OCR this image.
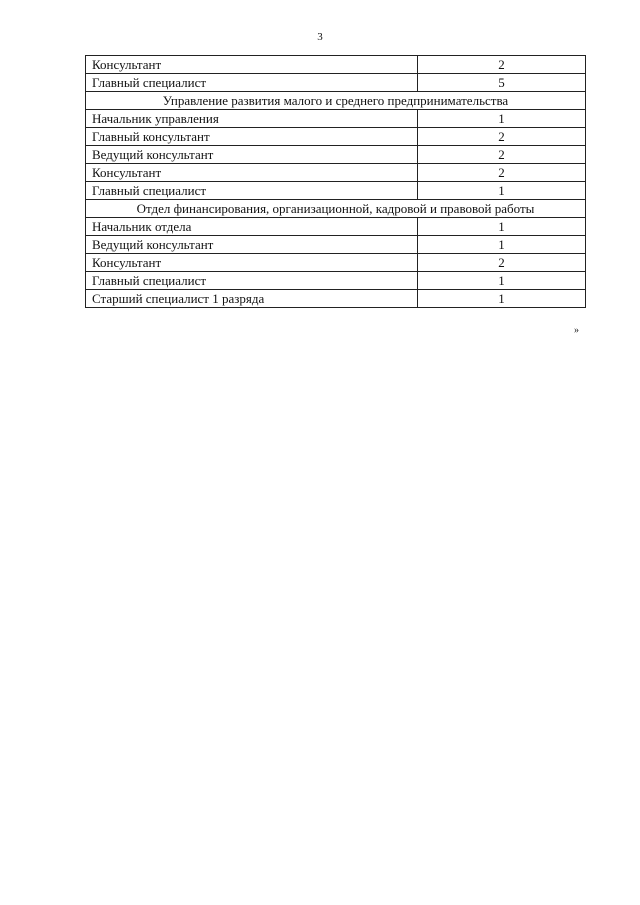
3
Консультант	2
Главный специалист	5
Управление развития малого и среднего предпринимательства	
Начальник управления	1
Главный консультант	2
Ведущий консультант	2
Консультант	2
Главный специалист	1
Отдел финансирования, организационной, кадровой и правовой работы	
Начальник отдела	1
Ведущий консультант	1
Консультант	2
Главный специалист	1
Старший специалист 1 разряда	1
»
